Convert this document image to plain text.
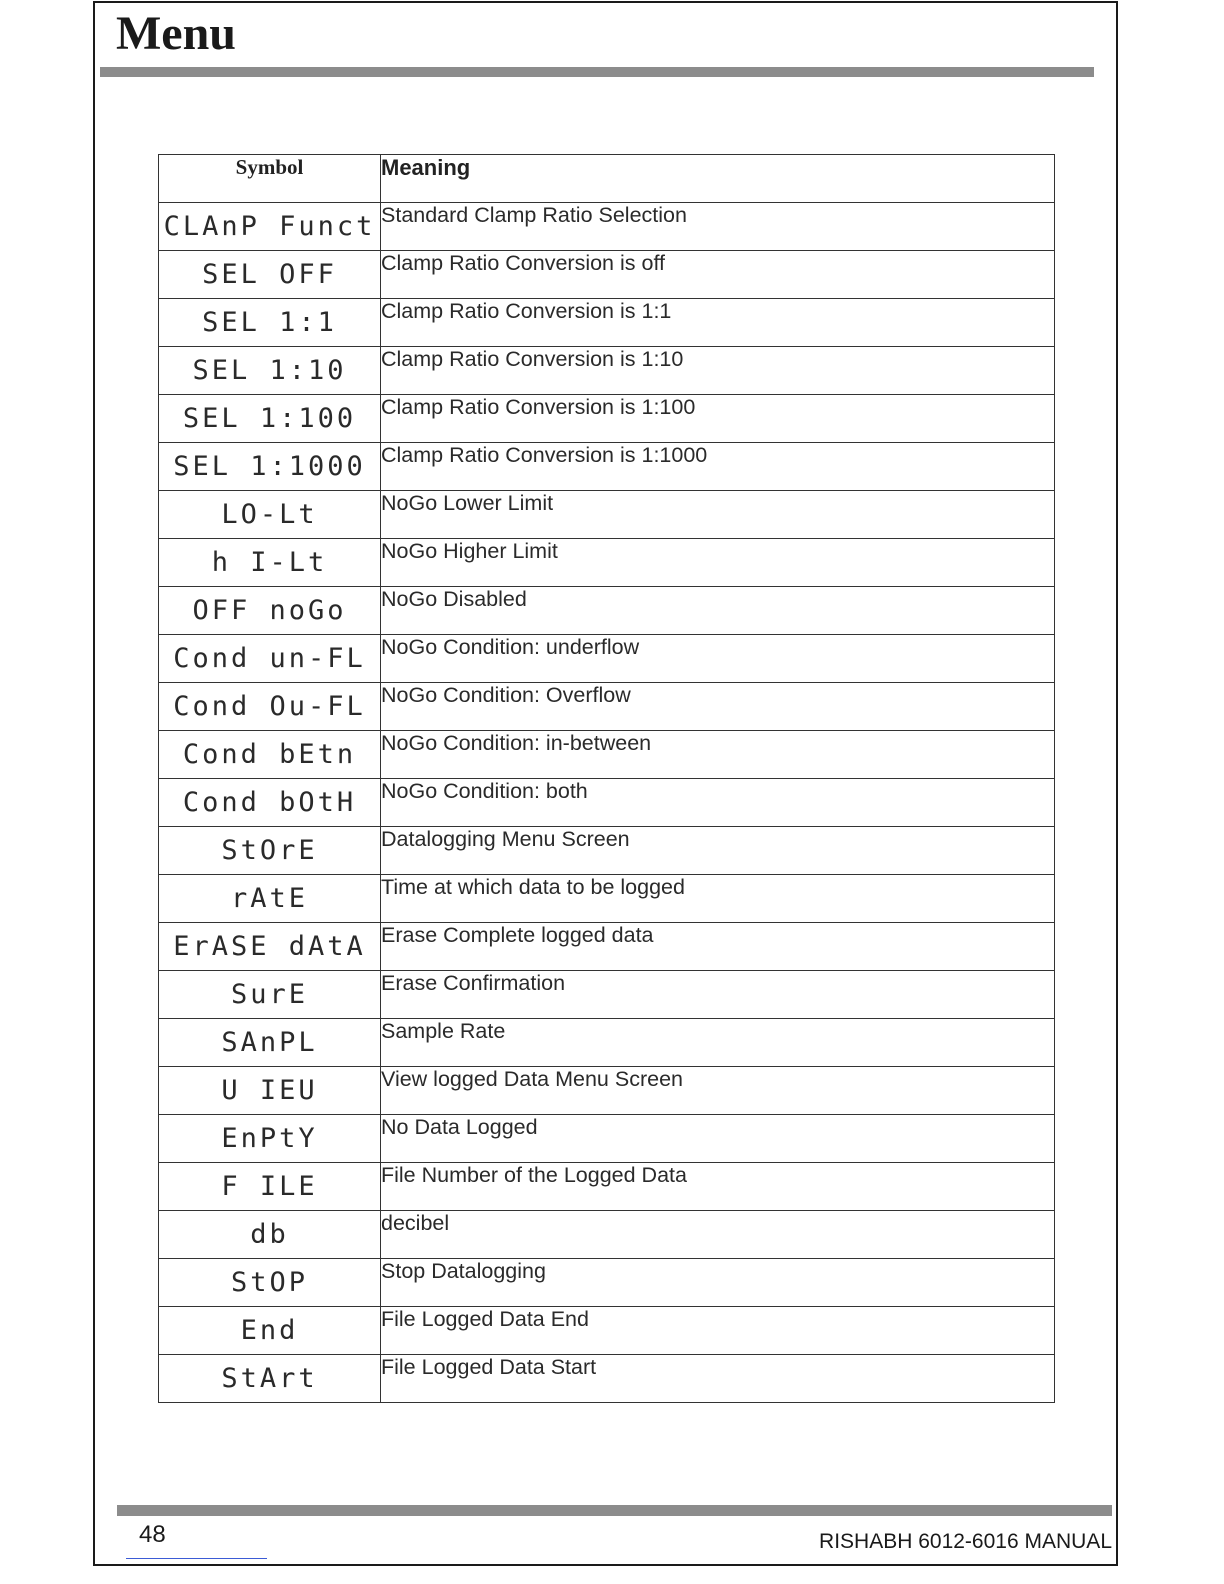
Menu
Symbol	Meaning
CLAnP Funct	Standard Clamp Ratio Selection
SEL OFF	Clamp Ratio Conversion is off
SEL 1:1	Clamp Ratio Conversion is 1:1
SEL 1:10	Clamp Ratio Conversion is 1:10
SEL 1:100	Clamp Ratio Conversion is 1:100
SEL 1:1000	Clamp Ratio Conversion is 1:1000
LO-Lt	NoGo Lower Limit
h I-Lt	NoGo Higher Limit
OFF noGo	NoGo Disabled
Cond un-FL	NoGo Condition: underflow
Cond Ou-FL	NoGo Condition: Overflow
Cond bEtn	NoGo Condition: in-between
Cond bOtH	NoGo Condition: both
StOrE	Datalogging Menu Screen
rAtE	Time at which data to be logged
ErASE dAtA	Erase Complete logged data
SurE	Erase Confirmation
SAnPL	Sample Rate
U IEU	View logged Data Menu Screen
EnPtY	No Data Logged
F ILE	File Number of the Logged Data
db	decibel
StOP	Stop Datalogging
End	File Logged Data End
StArt	File Logged Data Start
48	RISHABH 6012-6016 MANUAL
